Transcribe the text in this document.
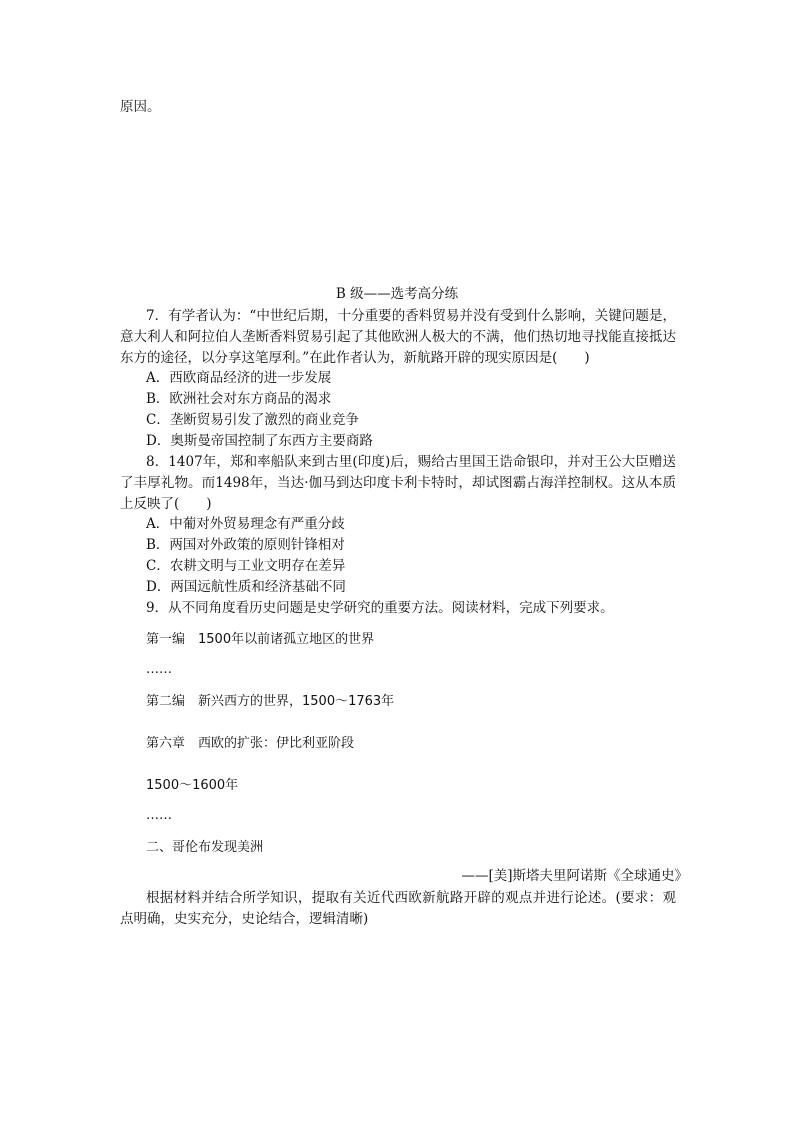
原因。
B 级——选考高分练
7．有学者认为：“中世纪后期，十分重要的香料贸易并没有受到什么影响，关键问题是，意大利人和阿拉伯人垄断香料贸易引起了其他欧洲人极大的不满，他们热切地寻找能直接抵达东方的途径，以分享这笔厚利。”在此作者认为，新航路开辟的现实原因是(　　)
A．西欧商品经济的进一步发展
B．欧洲社会对东方商品的渴求
C．垄断贸易引发了激烈的商业竞争
D．奥斯曼帝国控制了东西方主要商路
8．1407年，郑和率船队来到古里(印度)后，赐给古里国王诰命银印，并对王公大臣赠送了丰厚礼物。而1498年，当达·伽马到达印度卡利卡特时，却试图霸占海洋控制权。这从本质上反映了(　　)
A．中葡对外贸易理念有严重分歧
B．两国对外政策的原则针锋相对
C．农耕文明与工业文明存在差异
D．两国远航性质和经济基础不同
9．从不同角度看历史问题是史学研究的重要方法。阅读材料，完成下列要求。
第一编　1500年以前诸孤立地区的世界
……
第二编　新兴西方的世界，1500～1763年
第六章　西欧的扩张：伊比利亚阶段
1500～1600年
……
二、哥伦布发现美洲
——[美]斯塔夫里阿诺斯《全球通史》
根据材料并结合所学知识，提取有关近代西欧新航路开辟的观点并进行论述。(要求：观点明确，史实充分，史论结合，逻辑清晰)
